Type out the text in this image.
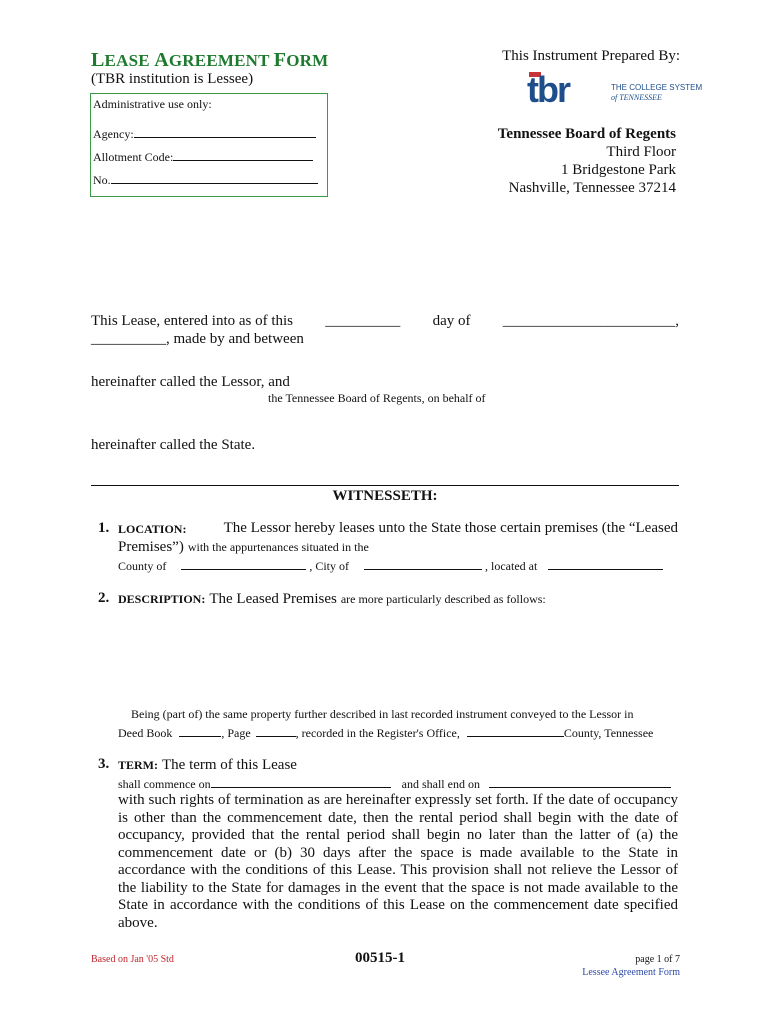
LEASE AGREEMENT FORM
(TBR institution is Lessee)
Administrative use only:
Agency:
Allotment Code:
No.
This Instrument Prepared By:
tbr	THE COLLEGE SYSTEM
of TENNESSEE
Tennessee Board of Regents
Third Floor
1 Bridgestone Park
Nashville, Tennessee 37214
This Lease, entered into as of this __________ day of _______________________,
__________, made by and between
hereinafter called the Lessor, and
the Tennessee Board of Regents, on behalf of
hereinafter called the State.
WITNESSETH:
1. LOCATION: The Lessor hereby leases unto the State those certain premises (the “Leased
Premises”) with the appurtenances situated in the
County of	, City of	, located at
2. DESCRIPTION: The Leased Premises are more particularly described as follows:
Being (part of) the same property further described in last recorded instrument conveyed to the Lessor in
Deed Book	, Page	, recorded in the Register's Office,	County, Tennessee
3. TERM: The term of this Lease
shall commence on	and shall end on
with such rights of termination as are hereinafter expressly set forth. If the date of occupancy is other than the commencement date, then the rental period shall begin with the date of occupancy, provided that the rental period shall begin no later than the latter of (a) the commencement date or (b) 30 days after the space is made available to the State in accordance with the conditions of this Lease. This provision shall not relieve the Lessor of the liability to the State for damages in the event that the space is not made available to the State in accordance with the conditions of this Lease on the commencement date specified above.
Based on Jan '05 Std	00515-1	page 1 of 7
Lessee Agreement Form
